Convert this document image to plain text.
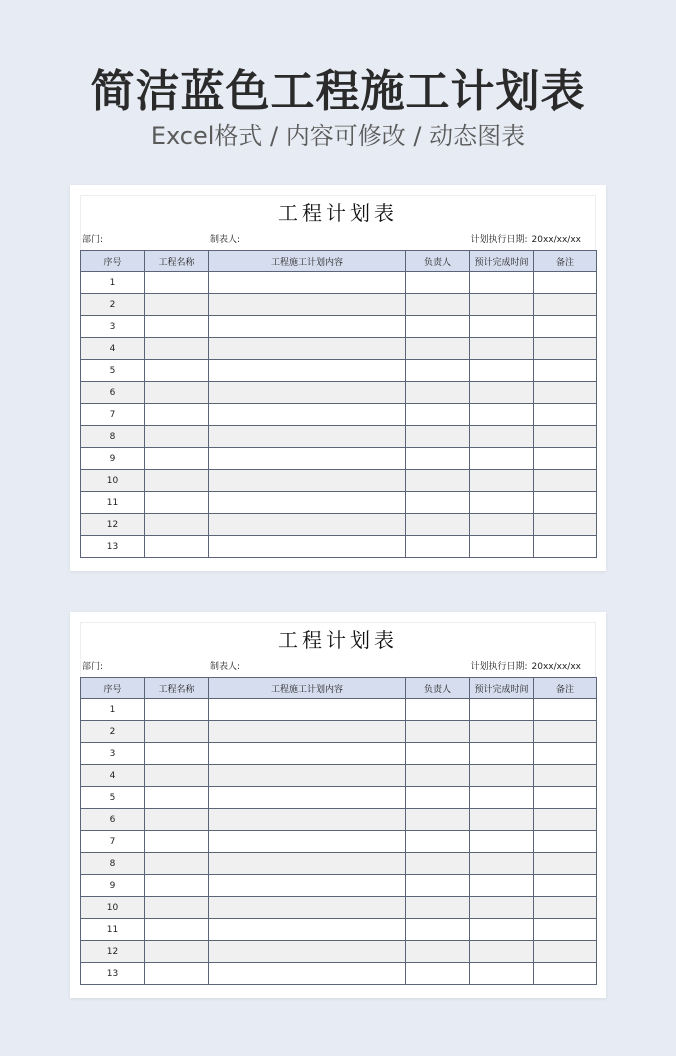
简洁蓝色工程施工计划表
Excel格式 / 内容可修改 / 动态图表
工程计划表
部门:	制表人:	计划执行日期: 20xx/xx/xx
序号	工程名称	工程施工计划内容	负责人	预计完成时间	备注
1					
2					
3					
4					
5					
6					
7					
8					
9					
10					
11					
12					
13					
工程计划表
部门:	制表人:	计划执行日期: 20xx/xx/xx
序号	工程名称	工程施工计划内容	负责人	预计完成时间	备注
1					
2					
3					
4					
5					
6					
7					
8					
9					
10					
11					
12					
13					
